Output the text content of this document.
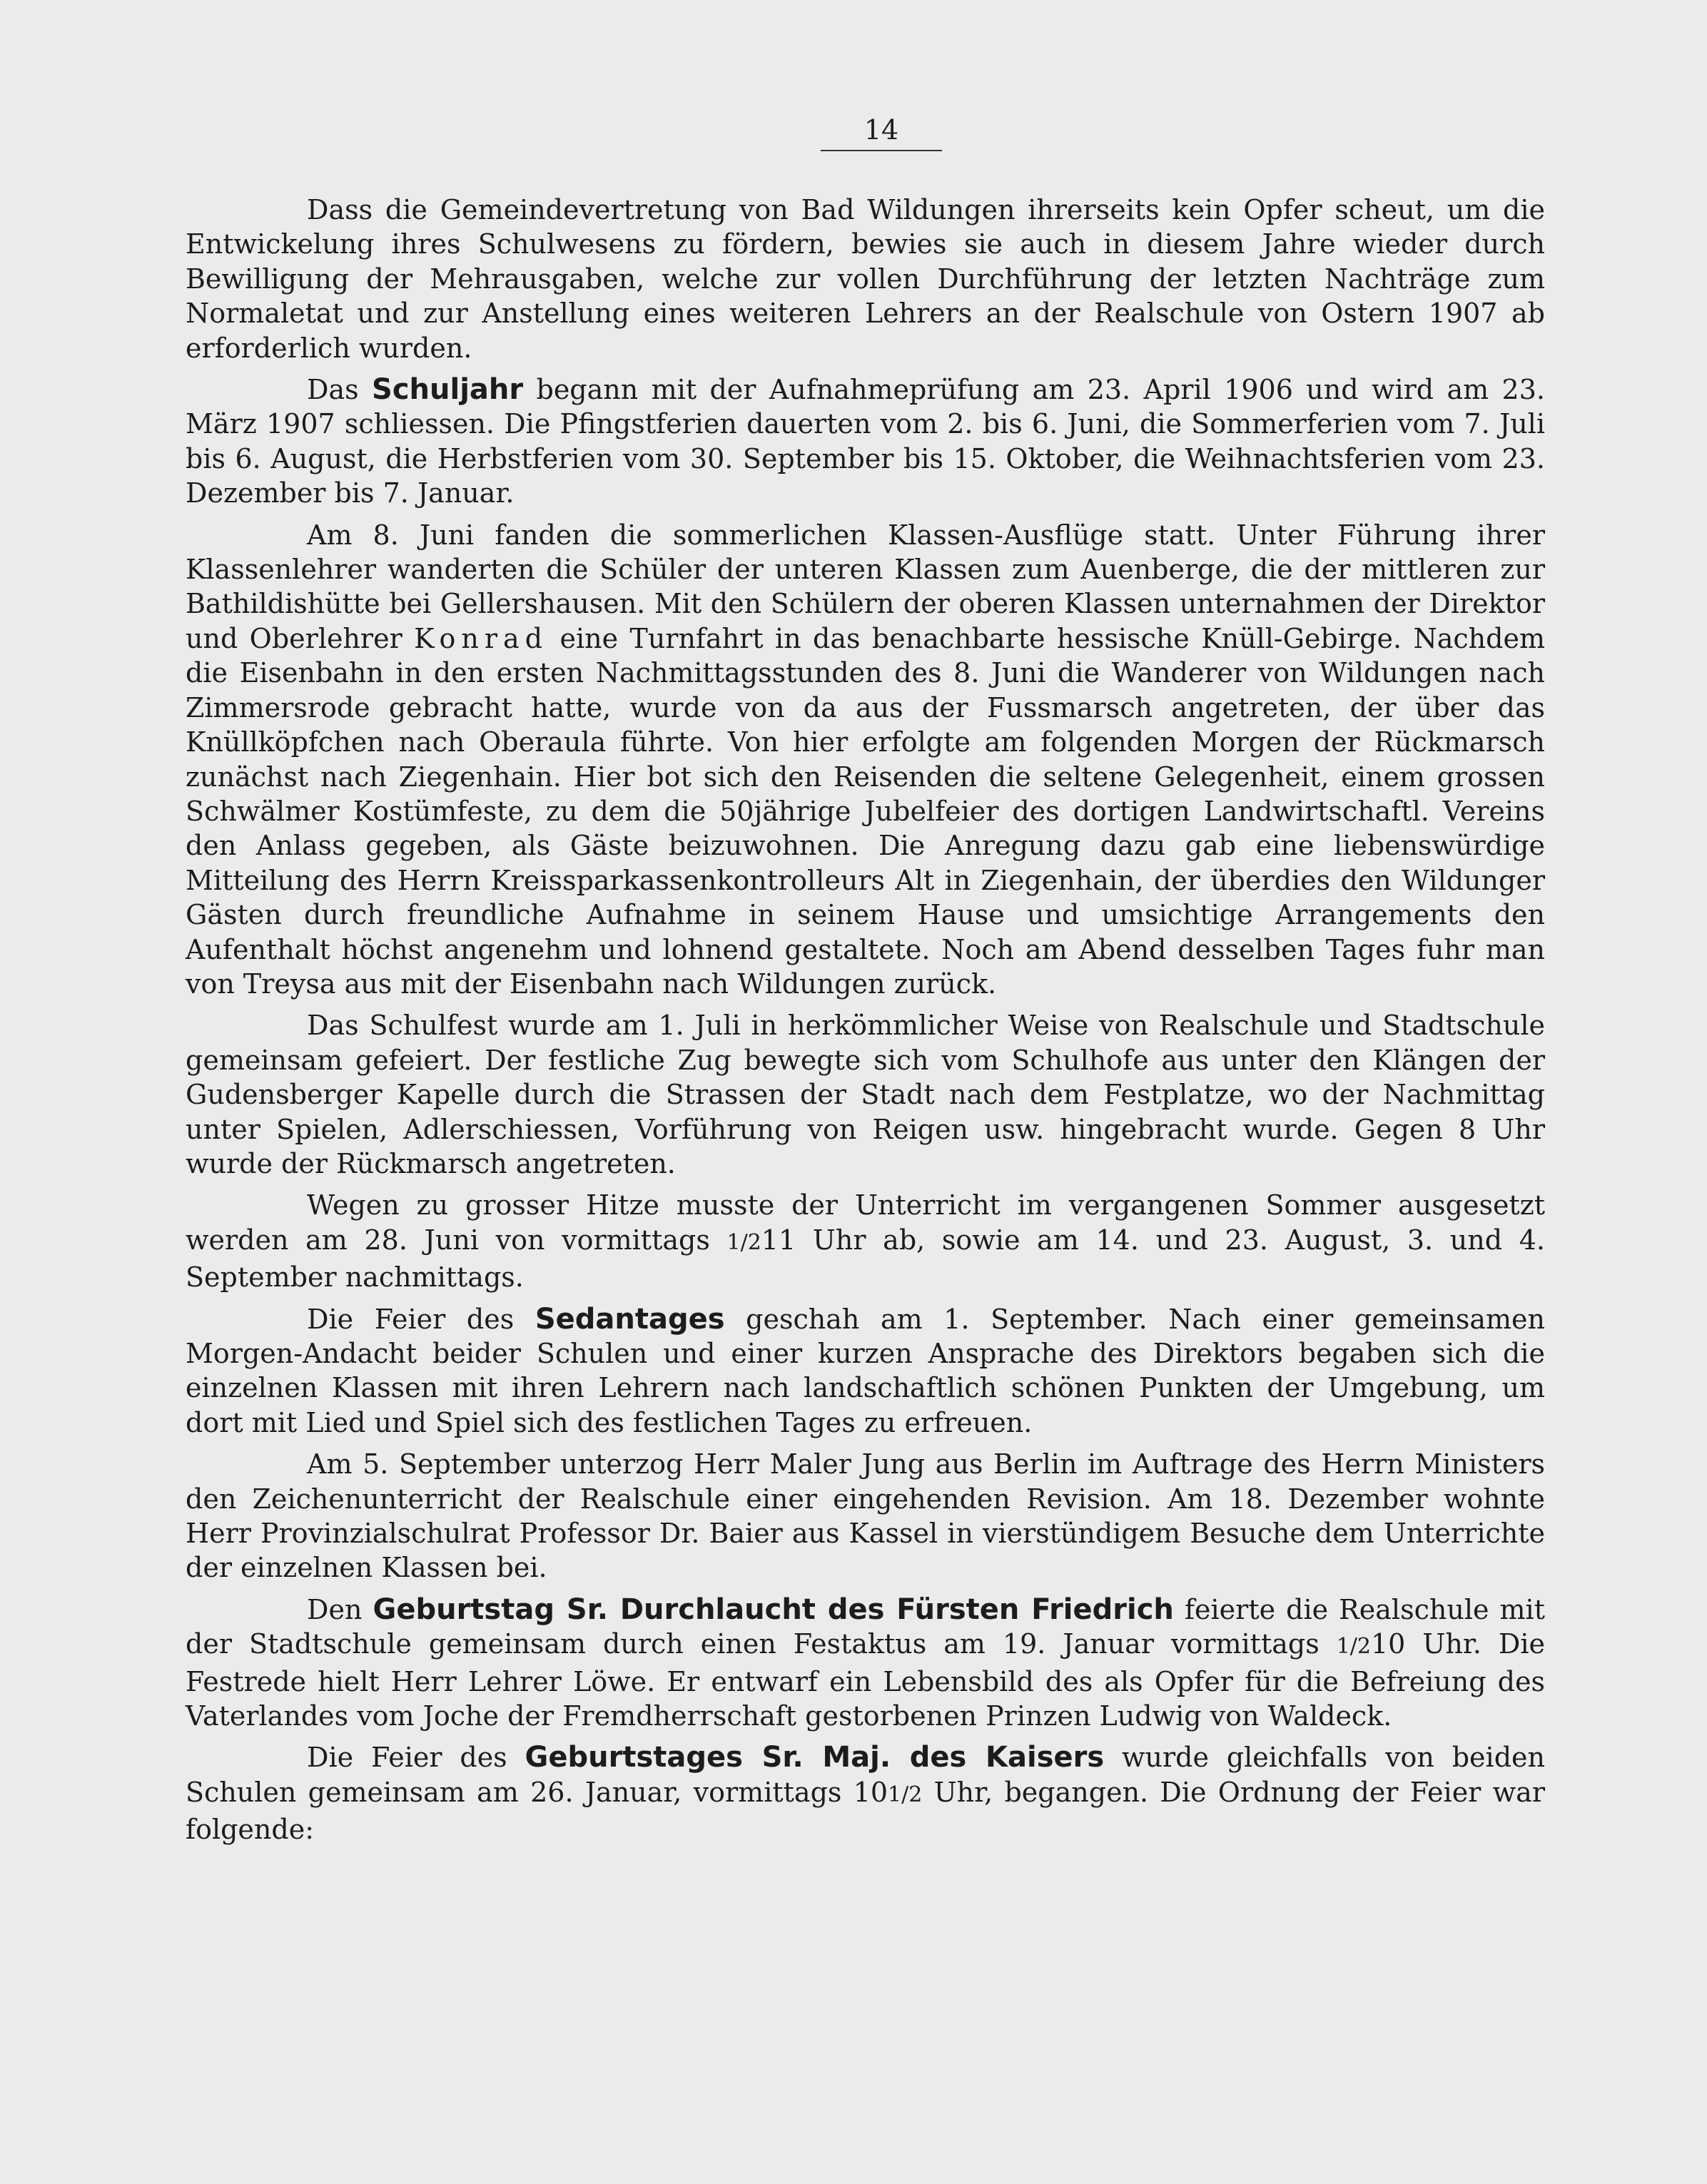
14

Dass die Gemeindevertretung von Bad Wildungen ihrerseits kein Opfer scheut, um die Entwickelung ihres Schulwesens zu fördern, bewies sie auch in diesem Jahre wieder durch Bewilligung der Mehrausgaben, welche zur vollen Durchführung der letzten Nachträge zum Normaletat und zur Anstellung eines weiteren Lehrers an der Realschule von Ostern 1907 ab erforderlich wurden.

Das Schuljahr begann mit der Aufnahmeprüfung am 23. April 1906 und wird am 23. März 1907 schliessen. Die Pfingstferien dauerten vom 2. bis 6. Juni, die Sommerferien vom 7. Juli bis 6. August, die Herbstferien vom 30. September bis 15. Oktober, die Weihnachtsferien vom 23. Dezember bis 7. Januar.

Am 8. Juni fanden die sommerlichen Klassen-Ausflüge statt. Unter Führung ihrer Klassenlehrer wanderten die Schüler der unteren Klassen zum Auenberge, die der mittleren zur Bathildishütte bei Gellershausen. Mit den Schülern der oberen Klassen unternahmen der Direktor und Oberlehrer Konrad eine Turnfahrt in das benachbarte hessische Knüll-Gebirge. Nachdem die Eisenbahn in den ersten Nachmittagsstunden des 8. Juni die Wanderer von Wildungen nach Zimmersrode gebracht hatte, wurde von da aus der Fussmarsch angetreten, der über das Knüllköpfchen nach Oberaula führte. Von hier erfolgte am folgenden Morgen der Rückmarsch zunächst nach Ziegenhain. Hier bot sich den Reisenden die seltene Gelegenheit, einem grossen Schwälmer Kostümfeste, zu dem die 50jährige Jubelfeier des dortigen Landwirtschaftl. Vereins den Anlass gegeben, als Gäste beizuwohnen. Die Anregung dazu gab eine liebenswürdige Mitteilung des Herrn Kreissparkassenkontrolleurs Alt in Ziegenhain, der überdies den Wildunger Gästen durch freundliche Aufnahme in seinem Hause und umsichtige Arrangements den Aufenthalt höchst angenehm und lohnend gestaltete. Noch am Abend desselben Tages fuhr man von Treysa aus mit der Eisenbahn nach Wildungen zurück.

Das Schulfest wurde am 1. Juli in herkömmlicher Weise von Realschule und Stadtschule gemeinsam gefeiert. Der festliche Zug bewegte sich vom Schulhofe aus unter den Klängen der Gudensberger Kapelle durch die Strassen der Stadt nach dem Festplatze, wo der Nachmittag unter Spielen, Adlerschiessen, Vorführung von Reigen usw. hingebracht wurde. Gegen 8 Uhr wurde der Rückmarsch angetreten.

Wegen zu grosser Hitze musste der Unterricht im vergangenen Sommer ausgesetzt werden am 28. Juni von vormittags 1/211 Uhr ab, sowie am 14. und 23. August, 3. und 4. September nachmittags.

Die Feier des Sedantages geschah am 1. September. Nach einer gemeinsamen Morgen-Andacht beider Schulen und einer kurzen Ansprache des Direktors begaben sich die einzelnen Klassen mit ihren Lehrern nach landschaftlich schönen Punkten der Umgebung, um dort mit Lied und Spiel sich des festlichen Tages zu erfreuen.

Am 5. September unterzog Herr Maler Jung aus Berlin im Auftrage des Herrn Ministers den Zeichenunterricht der Realschule einer eingehenden Revision. Am 18. Dezember wohnte Herr Provinzialschulrat Professor Dr. Baier aus Kassel in vierstündigem Besuche dem Unterrichte der einzelnen Klassen bei.

Den Geburtstag Sr. Durchlaucht des Fürsten Friedrich feierte die Realschule mit der Stadtschule gemeinsam durch einen Festaktus am 19. Januar vormittags 1/210 Uhr. Die Festrede hielt Herr Lehrer Löwe. Er entwarf ein Lebensbild des als Opfer für die Befreiung des Vaterlandes vom Joche der Fremdherrschaft gestorbenen Prinzen Ludwig von Waldeck.

Die Feier des Geburtstages Sr. Maj. des Kaisers wurde gleichfalls von beiden Schulen gemeinsam am 26. Januar, vormittags 101/2 Uhr, begangen. Die Ordnung der Feier war folgende:
